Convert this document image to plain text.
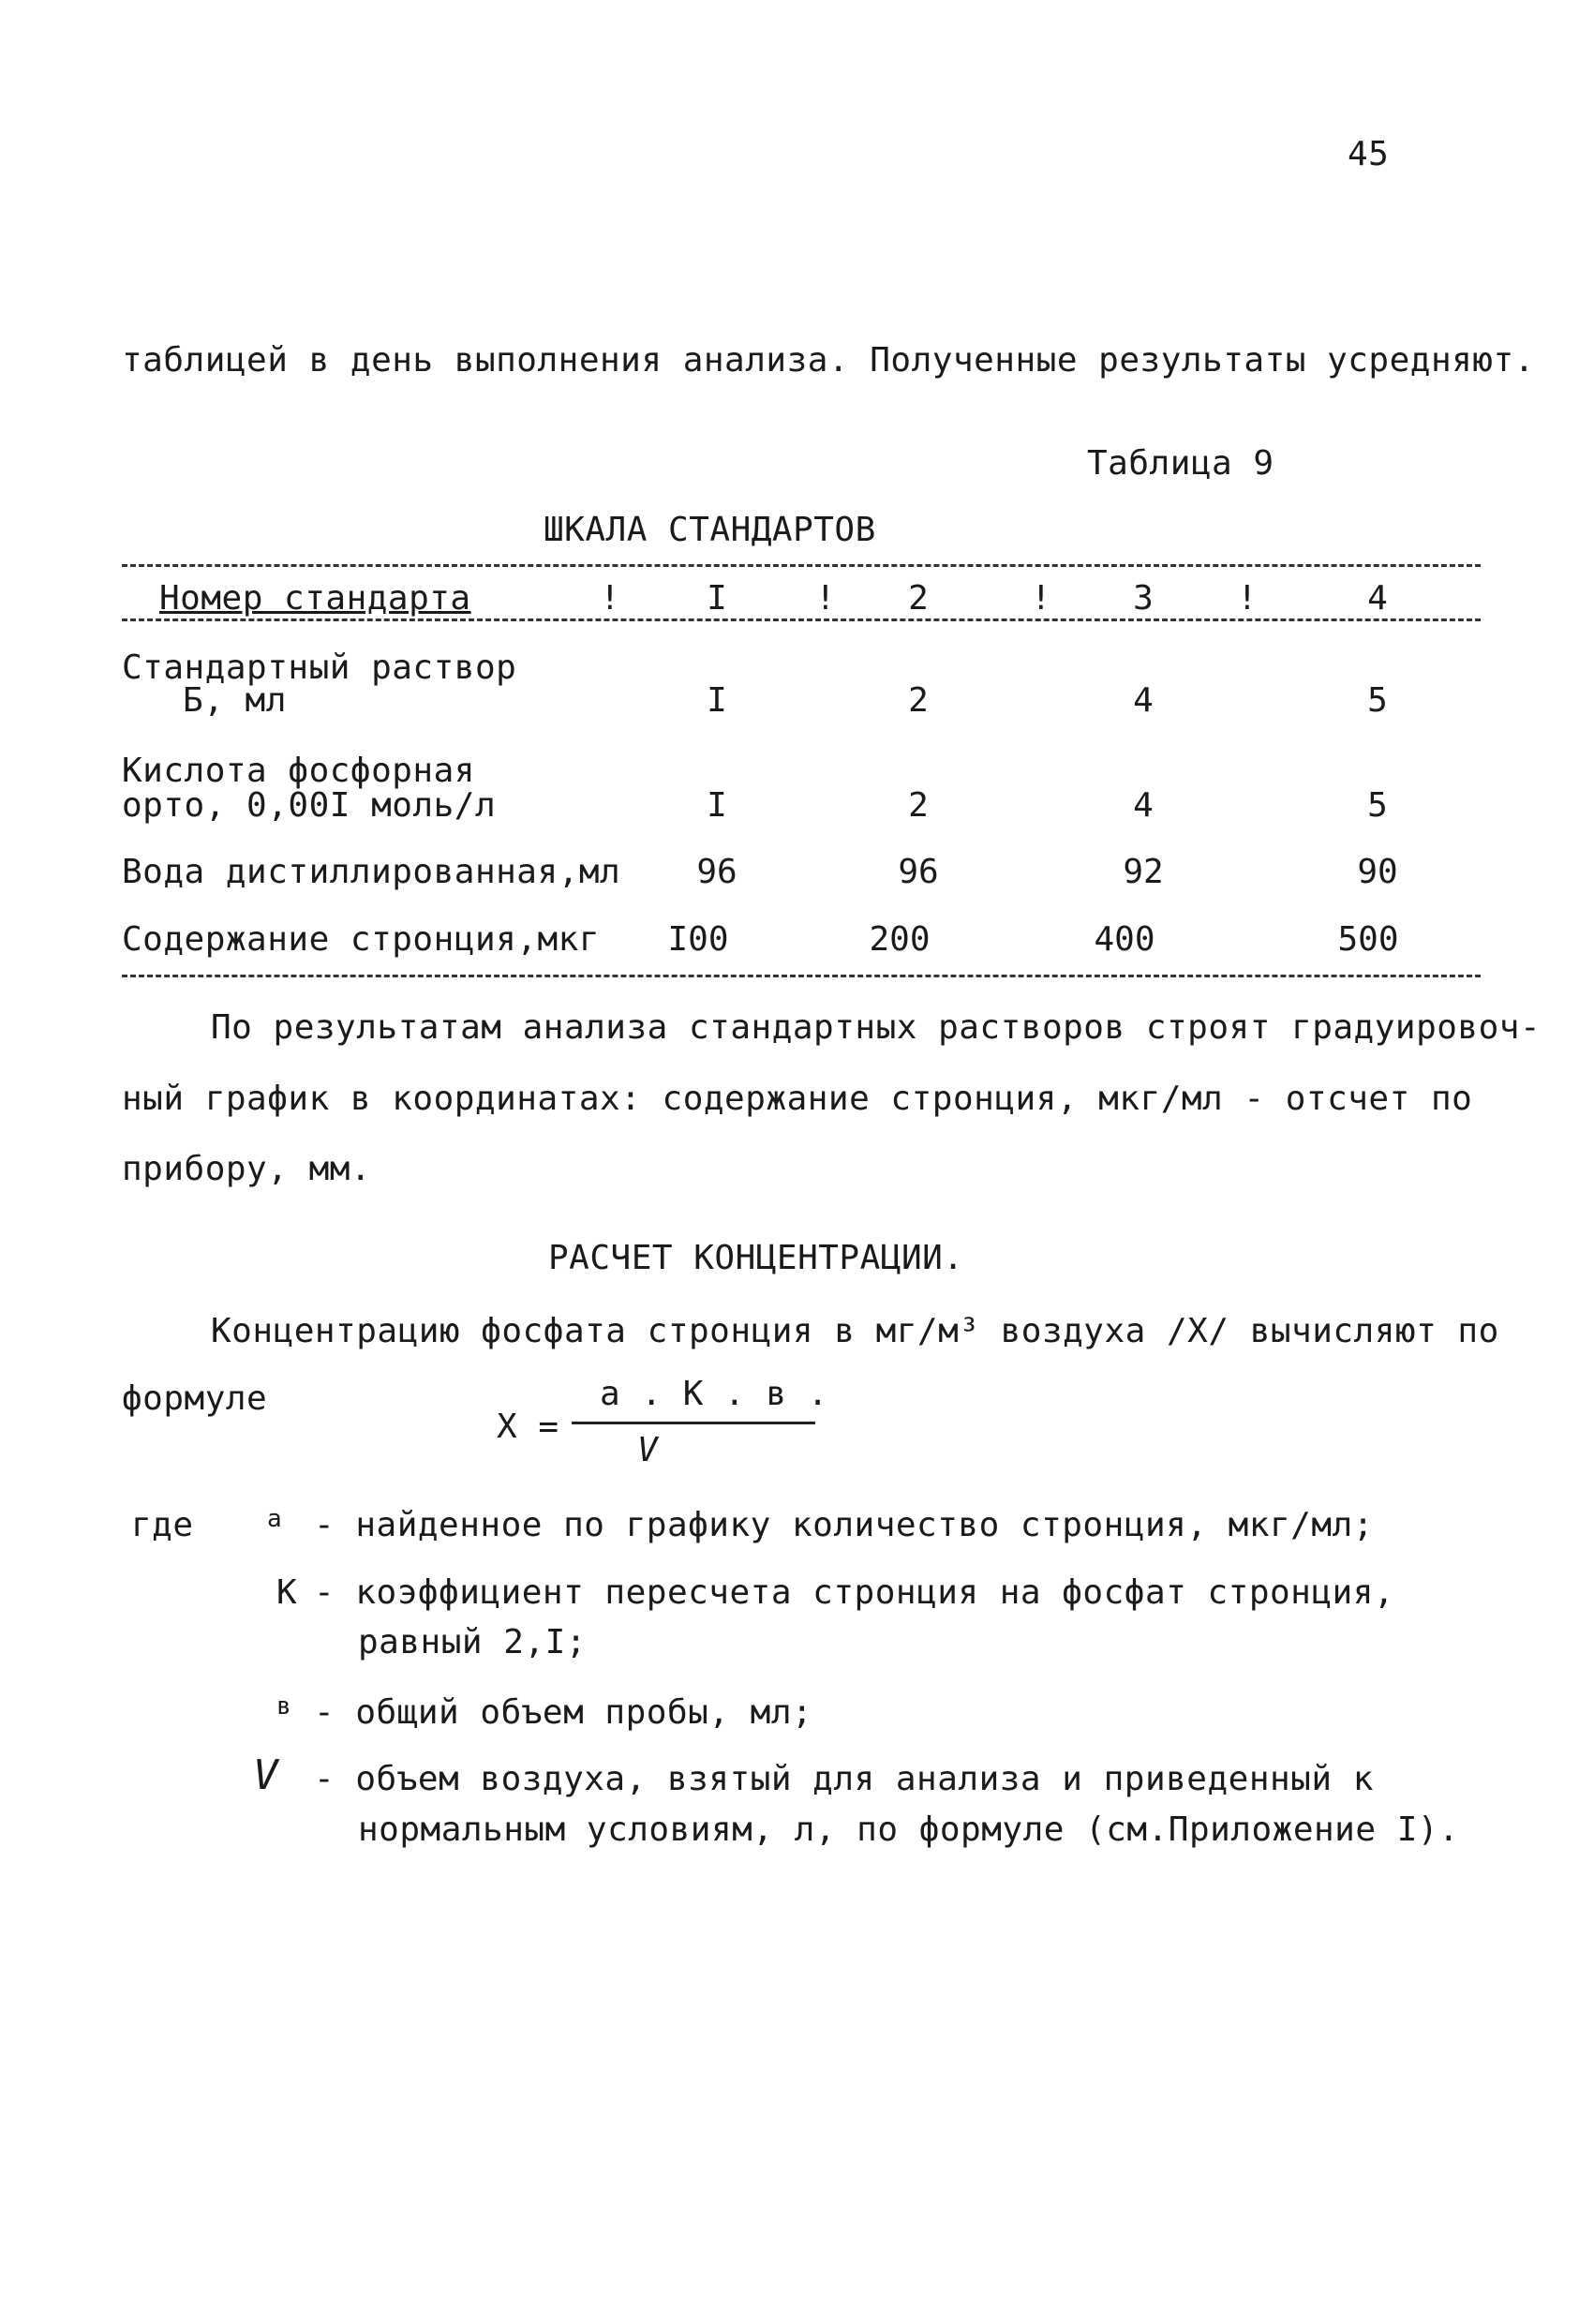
45
таблицей в день выполнения анализа. Полученные результаты усредняют.
Таблица 9
ШКАЛА СТАНДАРТОВ
Номер стандарта	!	I	!	2	!	3	!	4
Стандартный раствор
Б, мл	I	2	4	5
Кислота фосфорная
орто, 0,00I моль/л	I	2	4	5
Вода дистиллированная,мл	96	96	92	90
Содержание стронция,мкг	I00	200	400	500
По результатам анализа стандартных растворов строят градуировоч-
ный график в координатах: содержание стронция, мкг/мл - отсчет по
прибору, мм.
РАСЧЕТ КОНЦЕНТРАЦИИ.
Концентрацию фосфата стронция в мг/м³ воздуха /Х/ вычисляют по
формуле
Х =
а . К . в .
V
где	а - найденное по графику количество стронция, мкг/мл;
К - коэффициент пересчета стронция на фосфат стронция,
равный 2,I;
в - общий объем пробы, мл;
V - объем воздуха, взятый для анализа и приведенный к
нормальным условиям, л, по формуле (см.Приложение I).
